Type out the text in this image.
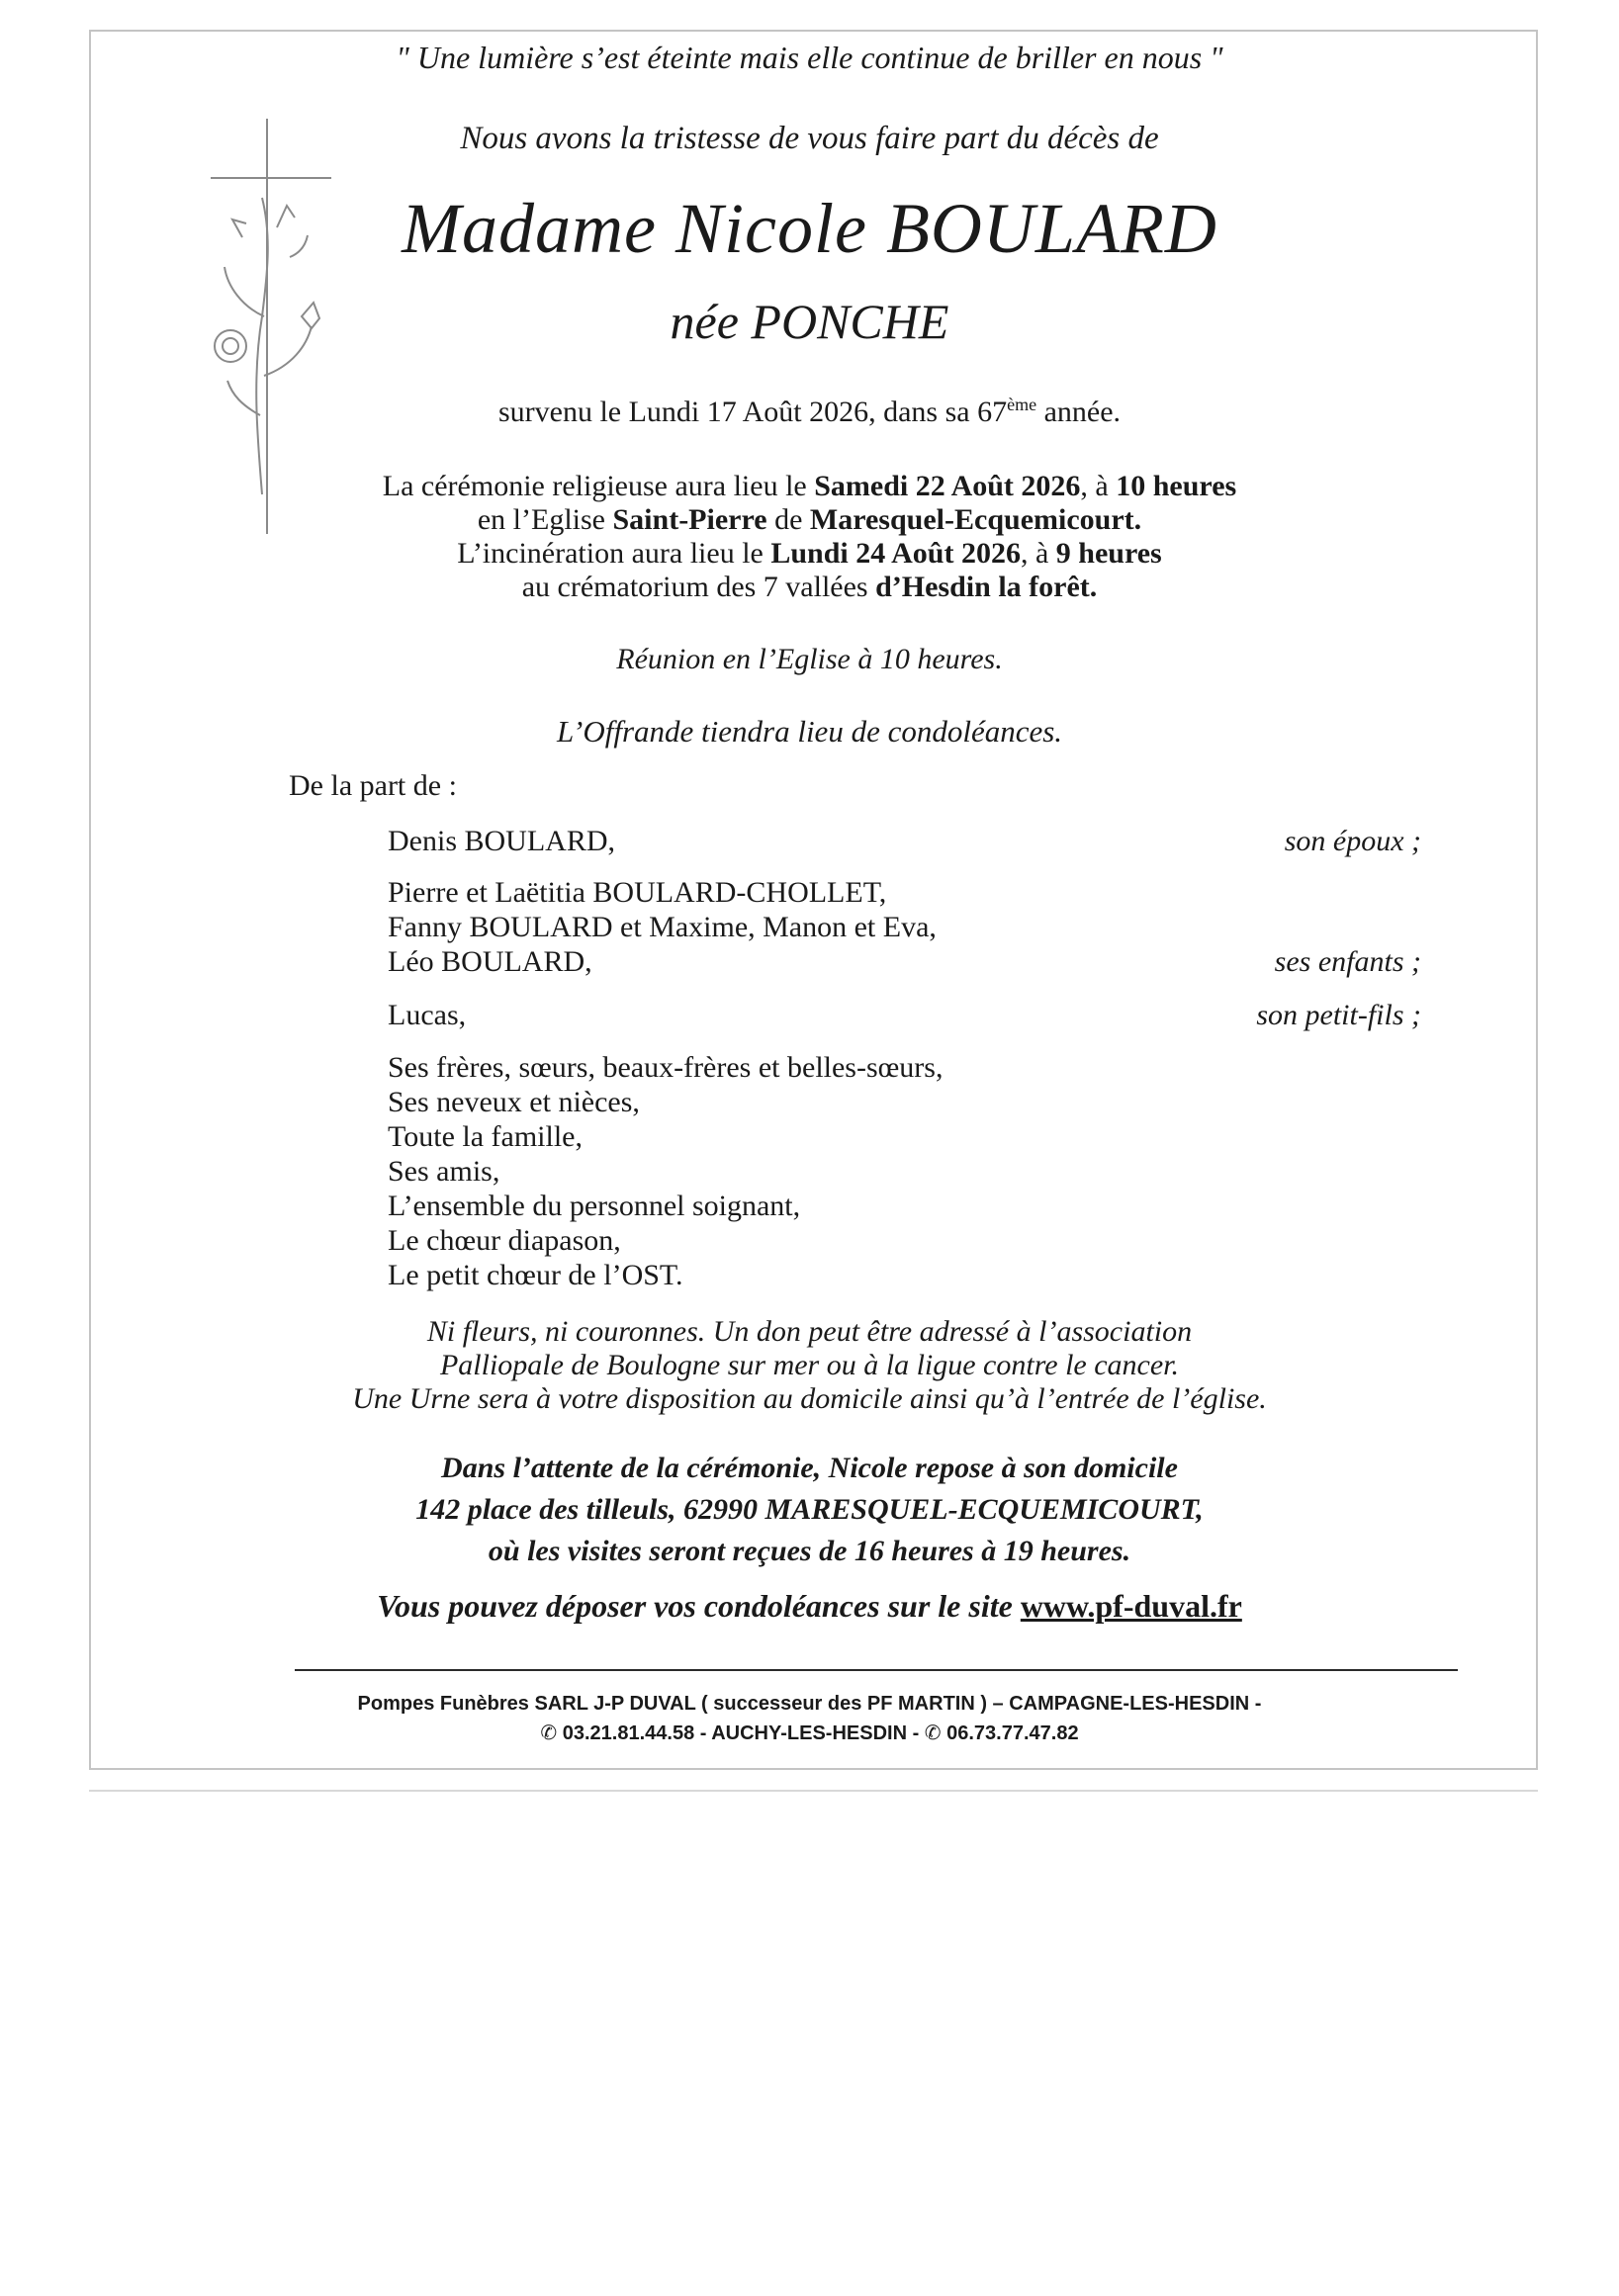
" Une lumière s’est éteinte mais elle continue de briller en nous "
Nous avons la tristesse de vous faire part du décès de
Madame Nicole BOULARD
née PONCHE
survenu le Lundi 17 Août 2026, dans sa 67ème année.
La cérémonie religieuse aura lieu le Samedi 22 Août 2026, à 10 heures
en l’Eglise Saint-Pierre de Maresquel-Ecquemicourt.
L’incinération aura lieu le Lundi 24 Août 2026, à 9 heures
au crématorium des 7 vallées d’Hesdin la forêt.
Réunion en l’Eglise à 10 heures.
L’Offrande tiendra lieu de condoléances.
De la part de :
Denis BOULARD,	son époux ;
Pierre et Laëtitia BOULARD-CHOLLET,
Fanny BOULARD et Maxime, Manon et Eva,
Léo BOULARD,	ses enfants ;
Lucas,	son petit-fils ;
Ses frères, sœurs, beaux-frères et belles-sœurs,
Ses neveux et nièces,
Toute la famille,
Ses amis,
L’ensemble du personnel soignant,
Le chœur diapason,
Le petit chœur de l’OST.
Ni fleurs, ni couronnes. Un don peut être adressé à l’association
Palliopale de Boulogne sur mer ou à la ligue contre le cancer.
Une Urne sera à votre disposition au domicile ainsi qu’à l’entrée de l’église.
Dans l’attente de la cérémonie, Nicole repose à son domicile
142 place des tilleuls, 62990 MARESQUEL-ECQUEMICOURT,
où les visites seront reçues de 16 heures à 19 heures.
Vous pouvez déposer vos condoléances sur le site www.pf-duval.fr
Pompes Funèbres SARL J-P DUVAL ( successeur des PF MARTIN ) – CAMPAGNE-LES-HESDIN -
✆ 03.21.81.44.58 - AUCHY-LES-HESDIN - ✆ 06.73.77.47.82
